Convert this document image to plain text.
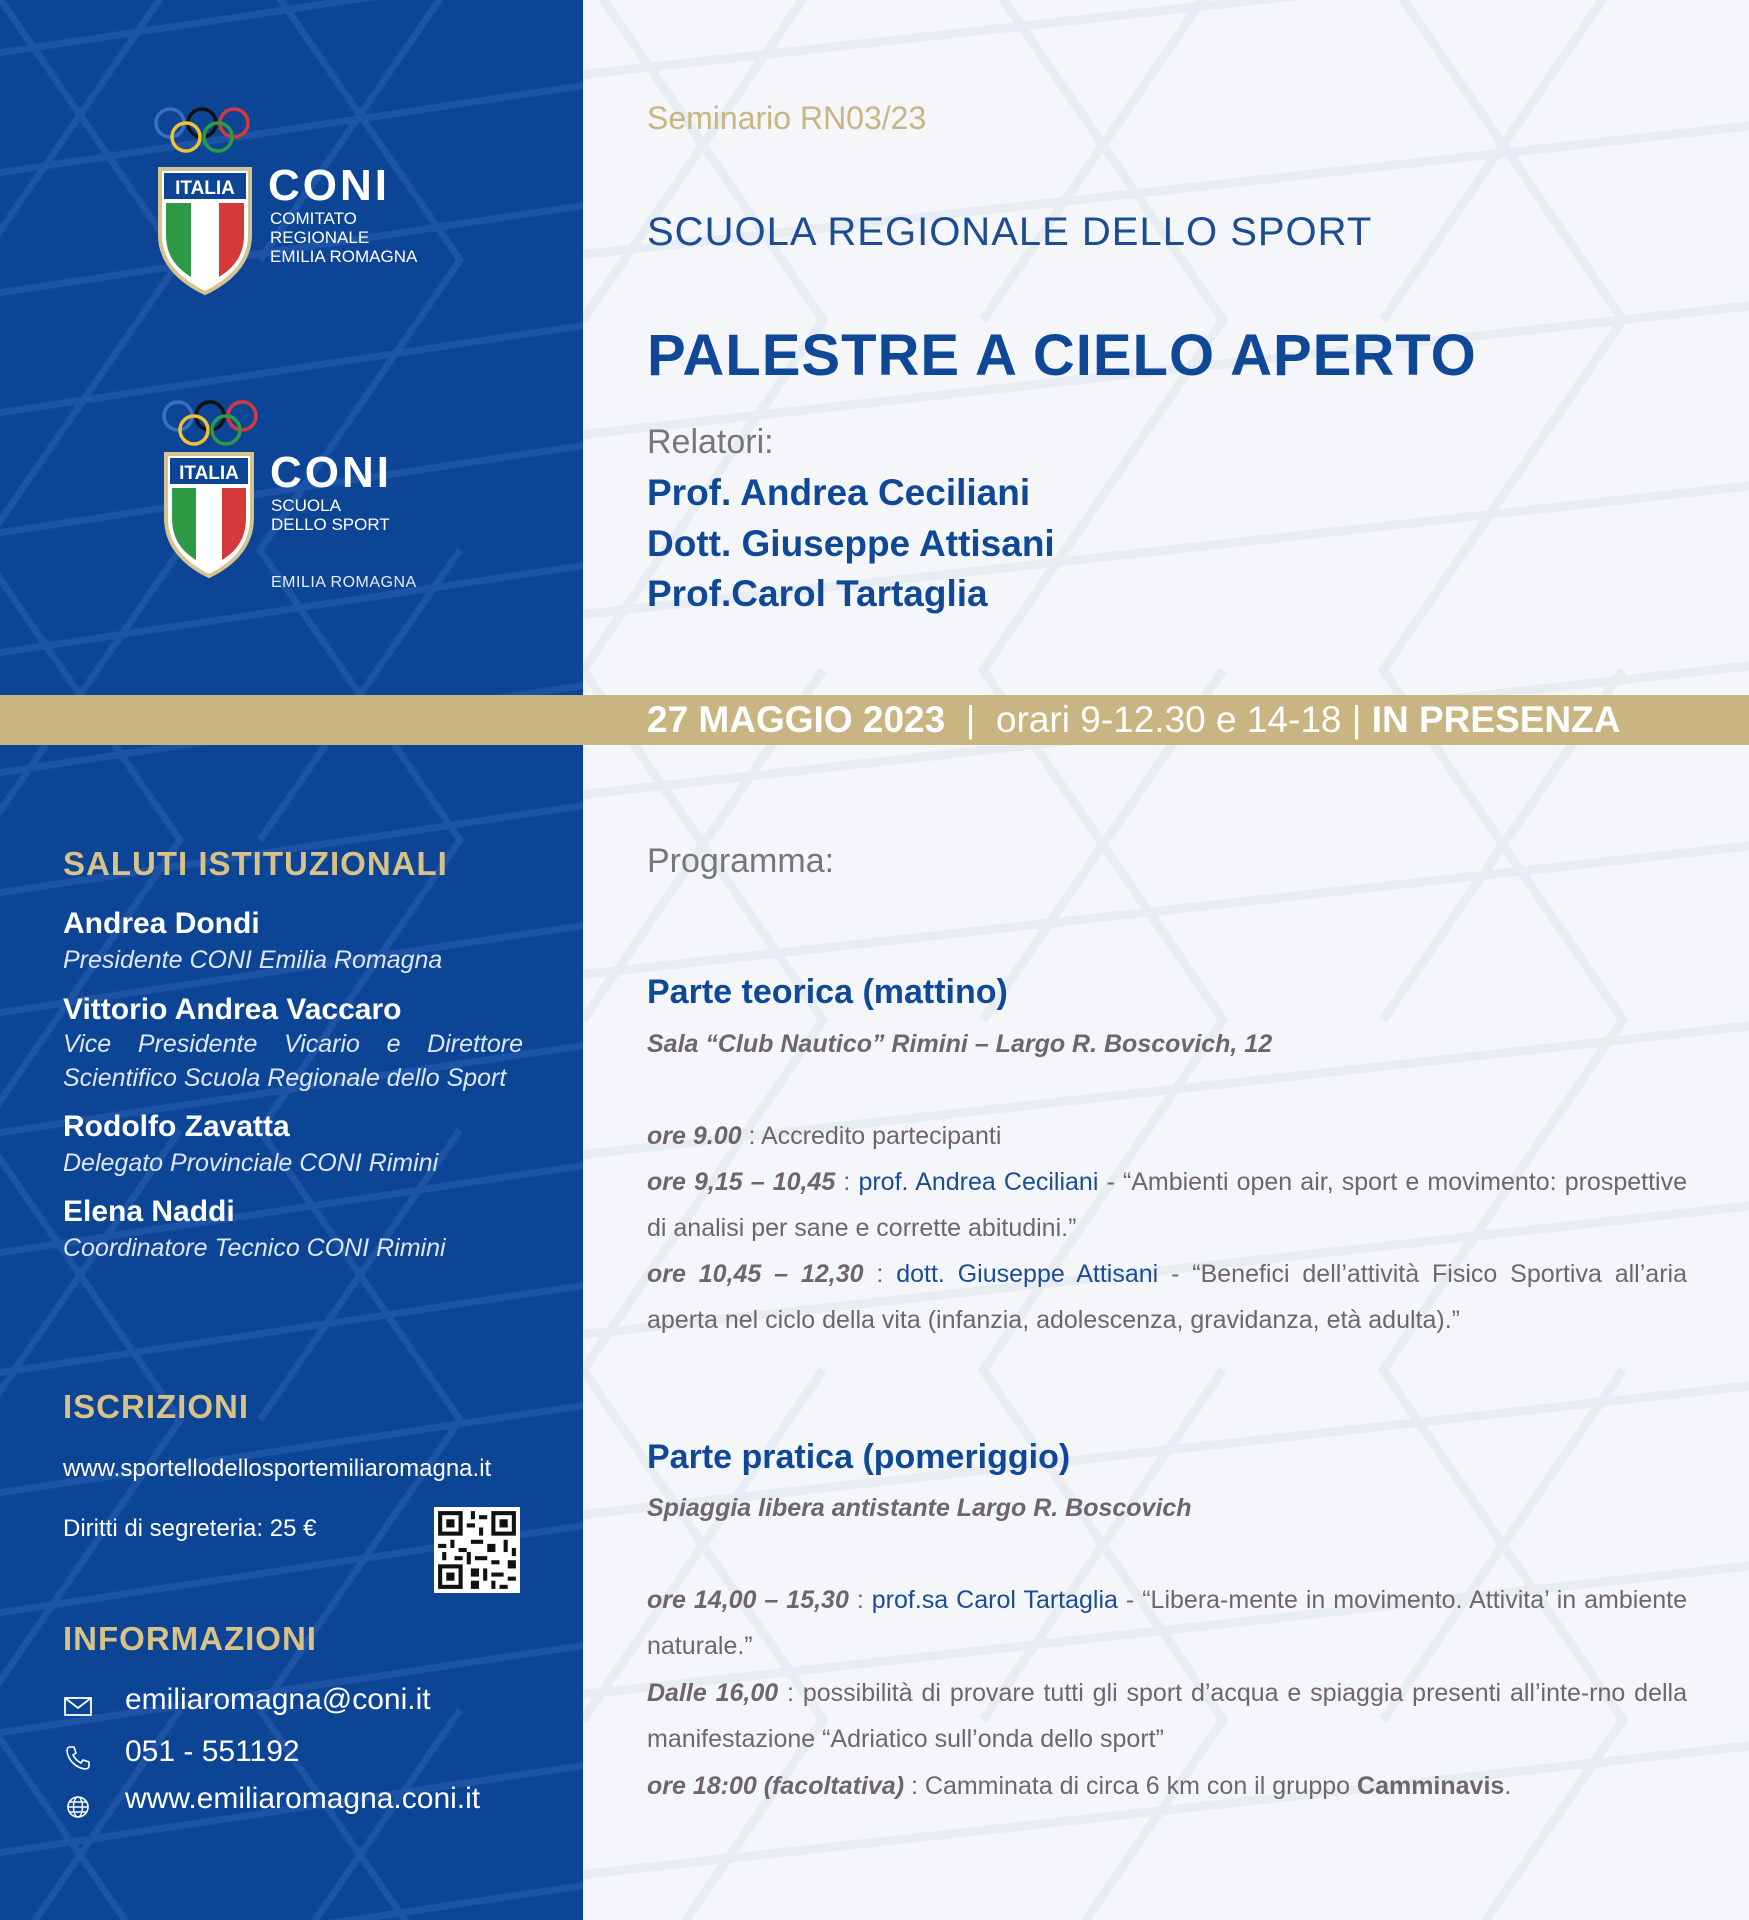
ITALIA CONI
COMITATO
REGIONALE
EMILIA ROMAGNA
ITALIA CONI
SCUOLA
DELLO SPORT
EMILIA ROMAGNA
SALUTI ISTITUZIONALI
Andrea Dondi
Presidente CONI Emilia Romagna
Vittorio Andrea Vaccaro
Vice Presidente Vicario e Direttore Scientifico Scuola Regionale dello Sport
Rodolfo Zavatta
Delegato Provinciale CONI Rimini
Elena Naddi
Coordinatore Tecnico CONI Rimini
ISCRIZIONI
www.sportellodellosportemiliaromagna.it
Diritti di segreteria: 25 €
INFORMAZIONI
emiliaromagna@coni.it
051 - 551192
www.emiliaromagna.coni.it
Seminario RN03/23
SCUOLA REGIONALE DELLO SPORT
PALESTRE A CIELO APERTO
Relatori:
Prof. Andrea Ceciliani
Dott. Giuseppe Attisani
Prof.Carol Tartaglia
27 MAGGIO 2023 | orari 9-12.30 e 14-18 | IN PRESENZA
Programma:
Parte teorica (mattino)
Sala “Club Nautico” Rimini – Largo R. Boscovich, 12
ore 9.00 : Accredito partecipanti
ore 9,15 – 10,45 : prof. Andrea Ceciliani - “Ambienti open air, sport e movimento: prospettive di analisi per sane e corrette abitudini.”
ore 10,45 – 12,30 : dott. Giuseppe Attisani - “Benefici dell’attività Fisico Sportiva all’aria aperta nel ciclo della vita (infanzia, adolescenza, gravidanza, età adulta).”
Parte pratica (pomeriggio)
Spiaggia libera antistante Largo R. Boscovich
ore 14,00 – 15,30 : prof.sa Carol Tartaglia - “Libera-mente in movimento. Attivita’ in ambiente naturale.”
Dalle 16,00 : possibilità di provare tutti gli sport d’acqua e spiaggia presenti all’inte-rno della manifestazione “Adriatico sull’onda dello sport”
ore 18:00 (facoltativa) : Camminata di circa 6 km con il gruppo Camminavis.
